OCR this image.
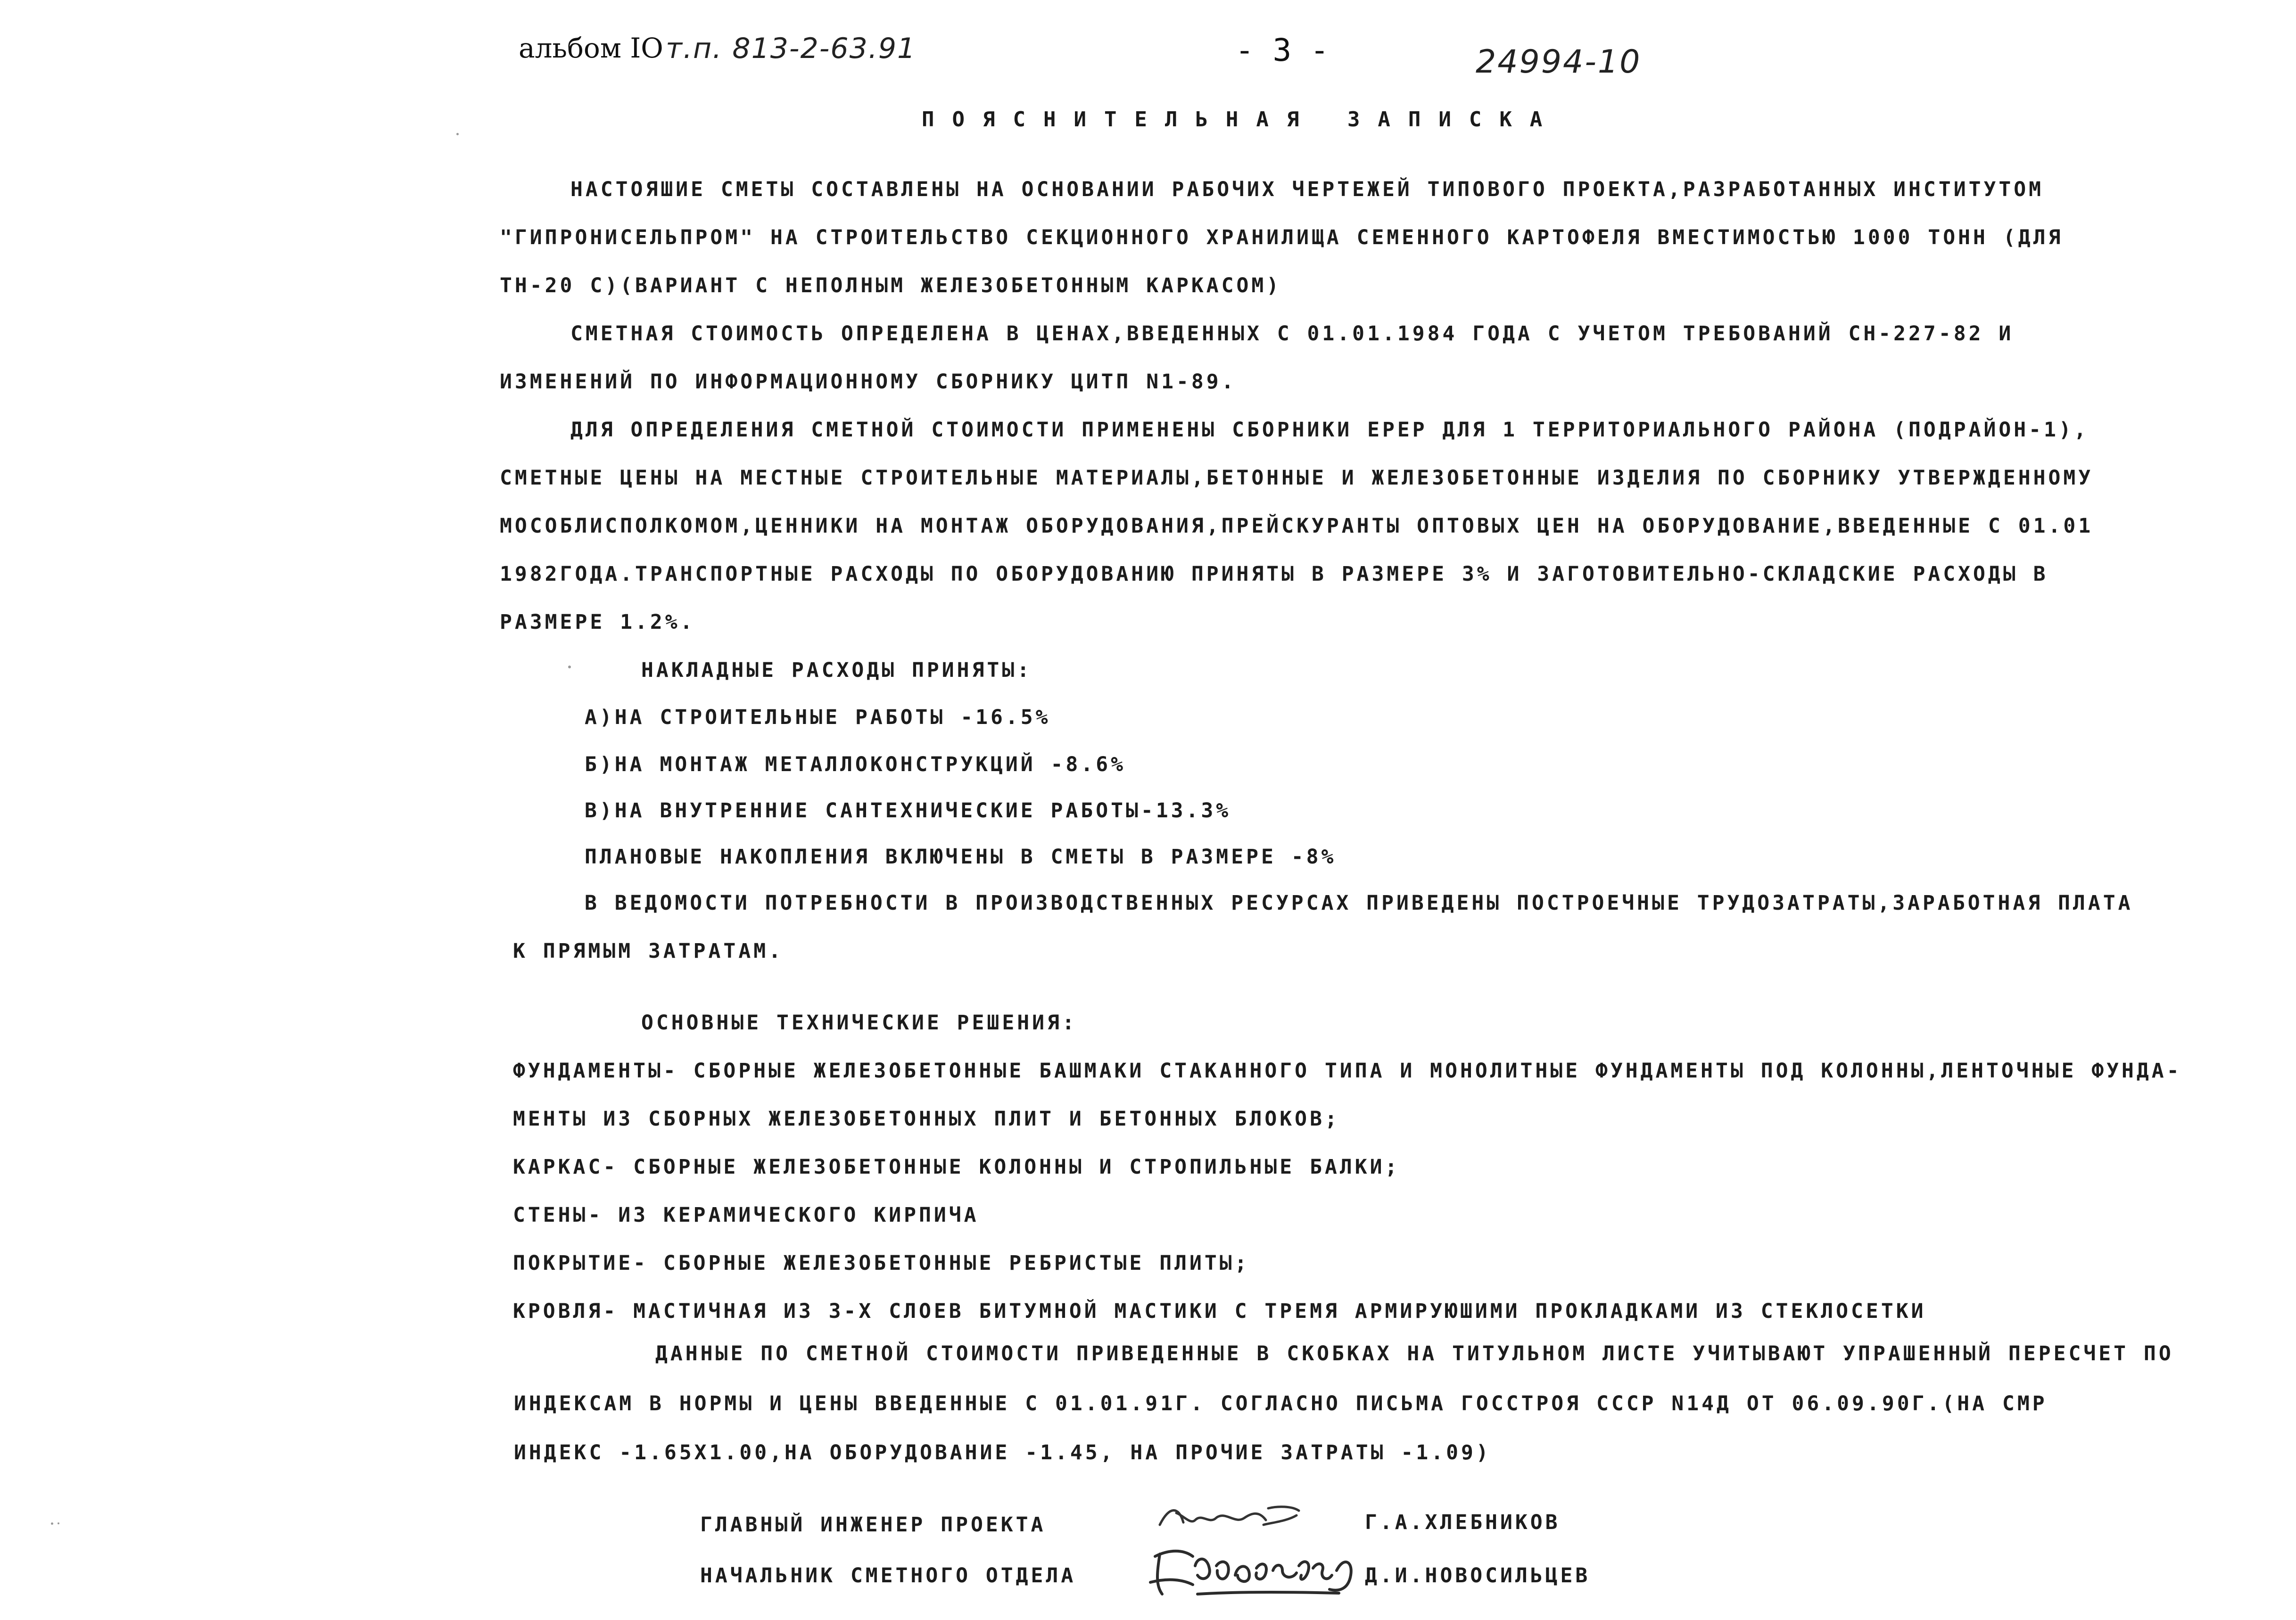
альбом IO т.п. 813-2-63.91	- 3 -	24994-10
ПОЯСНИТЕЛЬНАЯ ЗАПИСКА
НАСТОЯШИЕ СМЕТЫ СОСТАВЛЕНЫ НА ОСНОВАНИИ РАБОЧИХ ЧЕРТЕЖЕЙ ТИПОВОГО ПРОЕКТА,РАЗРАБОТАННЫХ ИНСТИТУТОМ
"ГИПРОНИСЕЛЬПРОМ" НА СТРОИТЕЛЬСТВО СЕКЦИОННОГО ХРАНИЛИЩА СЕМЕННОГО КАРТОФЕЛЯ ВМЕСТИМОСТЬЮ 1000 ТОНН (ДЛЯ
ТН-20 С)(ВАРИАНТ С НЕПОЛНЫМ ЖЕЛЕЗОБЕТОННЫМ КАРКАСОМ)
СМЕТНАЯ СТОИМОСТЬ ОПРЕДЕЛЕНА В ЦЕНАХ,ВВЕДЕННЫХ С 01.01.1984 ГОДА С УЧЕТОМ ТРЕБОВАНИЙ СН-227-82 И
ИЗМЕНЕНИЙ ПО ИНФОРМАЦИОННОМУ СБОРНИКУ ЦИТП N1-89.
ДЛЯ ОПРЕДЕЛЕНИЯ СМЕТНОЙ СТОИМОСТИ ПРИМЕНЕНЫ СБОРНИКИ ЕРЕР ДЛЯ 1 ТЕРРИТОРИАЛЬНОГО РАЙОНА (ПОДРАЙОН-1),
СМЕТНЫЕ ЦЕНЫ НА МЕСТНЫЕ СТРОИТЕЛЬНЫЕ МАТЕРИАЛЫ,БЕТОННЫЕ И ЖЕЛЕЗОБЕТОННЫЕ ИЗДЕЛИЯ ПО СБОРНИКУ УТВЕРЖДЕННОМУ
МОСОБЛИСПОЛКОМОМ,ЦЕННИКИ НА МОНТАЖ ОБОРУДОВАНИЯ,ПРЕЙСКУРАНТЫ ОПТОВЫХ ЦЕН НА ОБОРУДОВАНИЕ,ВВЕДЕННЫЕ С 01.01
1982ГОДА.ТРАНСПОРТНЫЕ РАСХОДЫ ПО ОБОРУДОВАНИЮ ПРИНЯТЫ В РАЗМЕРЕ 3% И ЗАГОТОВИТЕЛЬНО-СКЛАДСКИЕ РАСХОДЫ В
РАЗМЕРЕ 1.2%.
НАКЛАДНЫЕ РАСХОДЫ ПРИНЯТЫ:
А)НА СТРОИТЕЛЬНЫЕ РАБОТЫ -16.5%
Б)НА МОНТАЖ МЕТАЛЛОКОНСТРУКЦИЙ -8.6%
В)НА ВНУТРЕННИЕ САНТЕХНИЧЕСКИЕ РАБОТЫ-13.3%
ПЛАНОВЫЕ НАКОПЛЕНИЯ ВКЛЮЧЕНЫ В СМЕТЫ В РАЗМЕРЕ -8%
В ВЕДОМОСТИ ПОТРЕБНОСТИ В ПРОИЗВОДСТВЕННЫХ РЕСУРСАХ ПРИВЕДЕНЫ ПОСТРОЕЧНЫЕ ТРУДОЗАТРАТЫ,ЗАРАБОТНАЯ ПЛАТА
К ПРЯМЫМ ЗАТРАТАМ.
ОСНОВНЫЕ ТЕХНИЧЕСКИЕ РЕШЕНИЯ:
ФУНДАМЕНТЫ- СБОРНЫЕ ЖЕЛЕЗОБЕТОННЫЕ БАШМАКИ СТАКАННОГО ТИПА И МОНОЛИТНЫЕ ФУНДАМЕНТЫ ПОД КОЛОННЫ,ЛЕНТОЧНЫЕ ФУНДА-
МЕНТЫ ИЗ СБОРНЫХ ЖЕЛЕЗОБЕТОННЫХ ПЛИТ И БЕТОННЫХ БЛОКОВ;
КАРКАС- СБОРНЫЕ ЖЕЛЕЗОБЕТОННЫЕ КОЛОННЫ И СТРОПИЛЬНЫЕ БАЛКИ;
СТЕНЫ- ИЗ КЕРАМИЧЕСКОГО КИРПИЧА
ПОКРЫТИЕ- СБОРНЫЕ ЖЕЛЕЗОБЕТОННЫЕ РЕБРИСТЫЕ ПЛИТЫ;
КРОВЛЯ- МАСТИЧНАЯ ИЗ 3-Х СЛОЕВ БИТУМНОЙ МАСТИКИ С ТРЕМЯ АРМИРУЮШИМИ ПРОКЛАДКАМИ ИЗ СТЕКЛОСЕТКИ
ДАННЫЕ ПО СМЕТНОЙ СТОИМОСТИ ПРИВЕДЕННЫЕ В СКОБКАХ НА ТИТУЛЬНОМ ЛИСТЕ УЧИТЫВАЮТ УПРАШЕННЫЙ ПЕРЕСЧЕТ ПО
ИНДЕКСАМ В НОРМЫ И ЦЕНЫ ВВЕДЕННЫЕ С 01.01.91Г. СОГЛАСНО ПИСЬМА ГОССТРОЯ СССР N14Д ОТ 06.09.90Г.(НА СМР
ИНДЕКС -1.65Х1.00,НА ОБОРУДОВАНИЕ -1.45, НА ПРОЧИЕ ЗАТРАТЫ -1.09)
ГЛАВНЫЙ ИНЖЕНЕР ПРОЕКТА	Г.А.ХЛЕБНИКОВ
НАЧАЛЬНИК СМЕТНОГО ОТДЕЛА	Д.И.НОВОСИЛЬЦЕВ
